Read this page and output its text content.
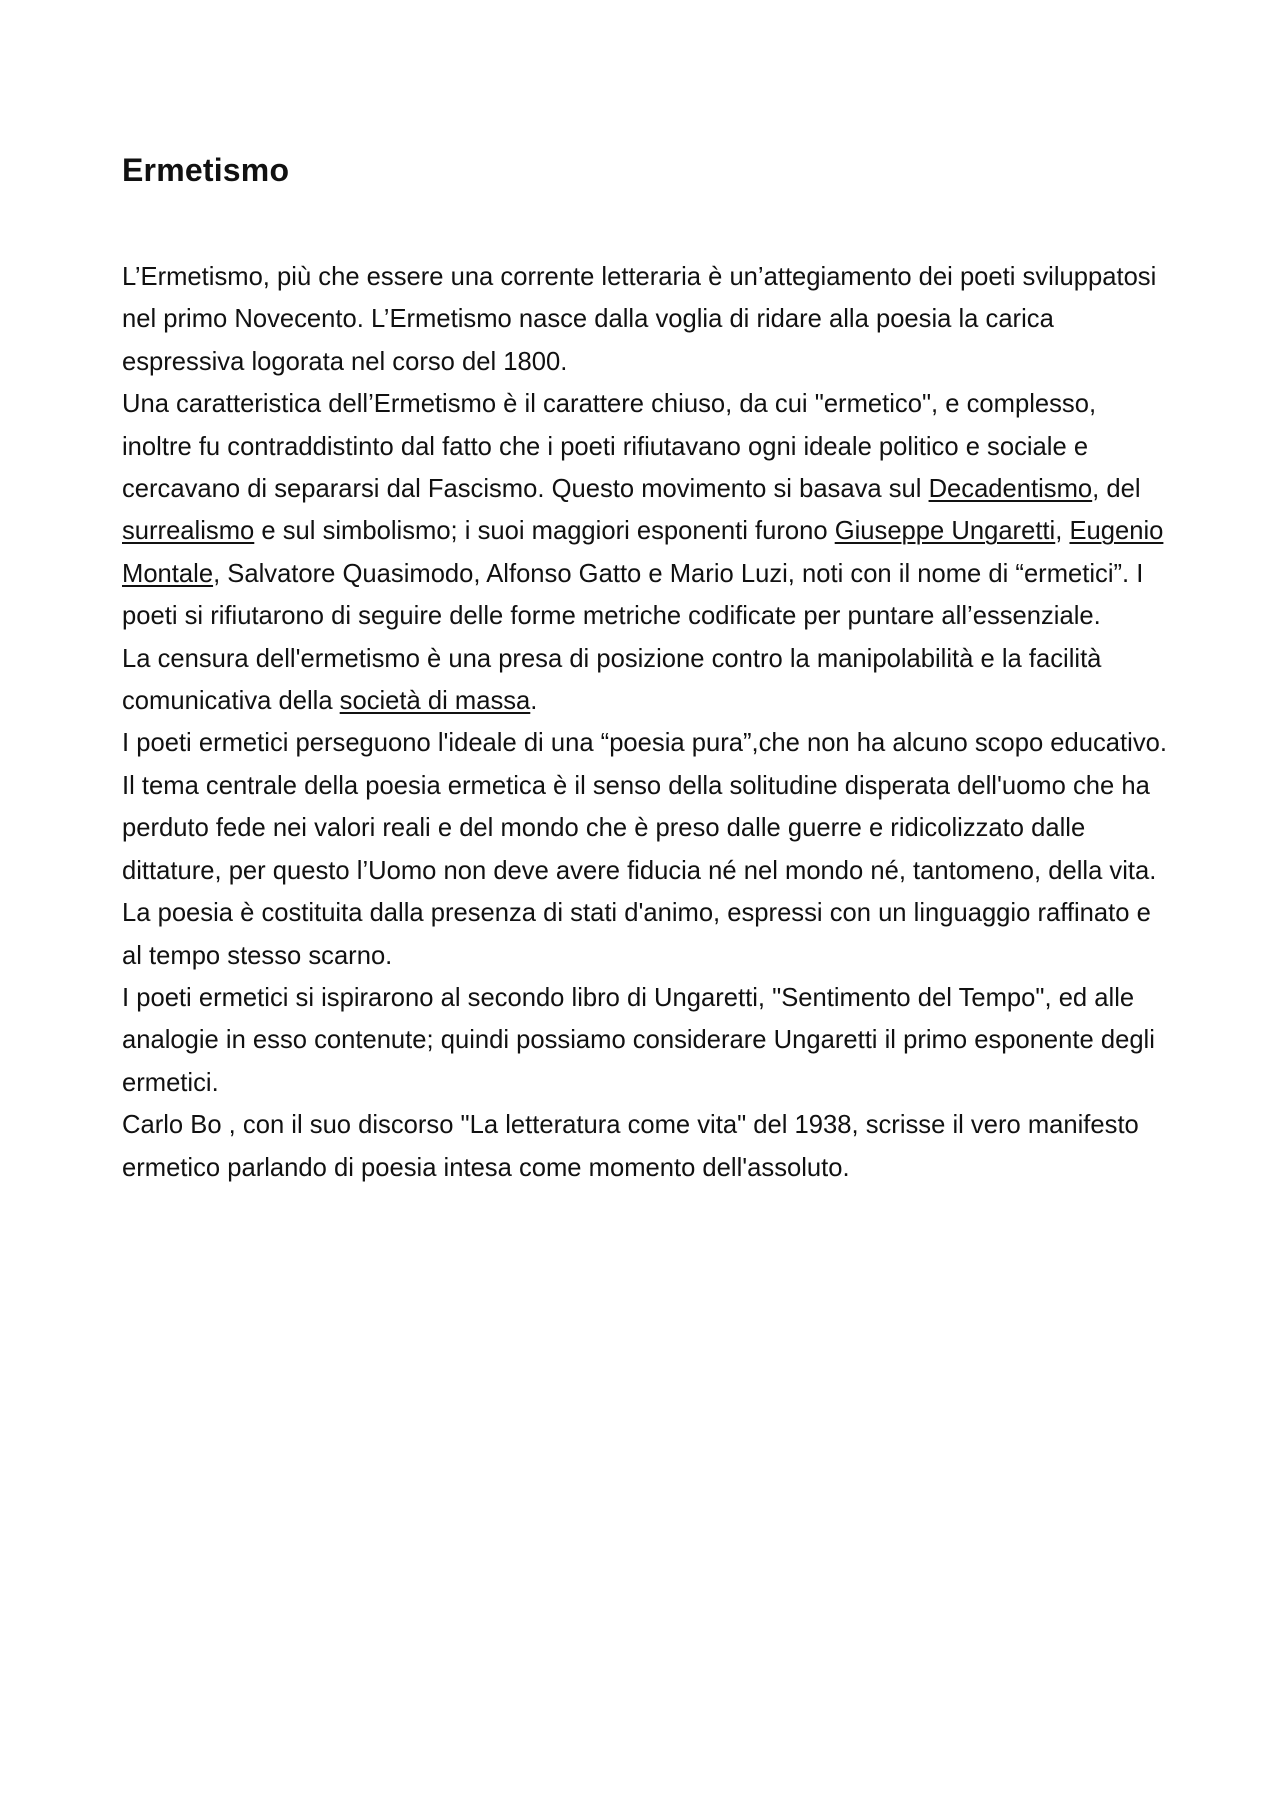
Ermetismo

L’Ermetismo, più che essere una corrente letteraria è un’attegiamento dei poeti sviluppatosi nel primo Novecento. L’Ermetismo nasce dalla voglia di ridare alla poesia la carica espressiva logorata nel corso del 1800.

Una caratteristica dell’Ermetismo è il carattere chiuso, da cui "ermetico", e complesso, inoltre fu contraddistinto dal fatto che i poeti rifiutavano ogni ideale politico e sociale e cercavano di separarsi dal Fascismo. Questo movimento si basava sul Decadentismo, del surrealismo e sul simbolismo; i suoi maggiori esponenti furono Giuseppe Ungaretti, Eugenio Montale, Salvatore Quasimodo, Alfonso Gatto e Mario Luzi, noti con il nome di “ermetici”. I poeti si rifiutarono di seguire delle forme metriche codificate per puntare all’essenziale.

La censura dell'ermetismo è una presa di posizione contro la manipolabilità e la facilità comunicativa della società di massa.

I poeti ermetici perseguono l'ideale di una “poesia pura”,che non ha alcuno scopo educativo. Il tema centrale della poesia ermetica è il senso della solitudine disperata dell'uomo che ha perduto fede nei valori reali e del mondo che è preso dalle guerre e ridicolizzato dalle dittature, per questo l’Uomo non deve avere fiducia né nel mondo né, tantomeno, della vita. La poesia è costituita dalla presenza di stati d'animo, espressi con un linguaggio raffinato e al tempo stesso scarno.

I poeti ermetici si ispirarono al secondo libro di Ungaretti, "Sentimento del Tempo", ed alle analogie in esso contenute; quindi possiamo considerare Ungaretti il primo esponente degli ermetici.

Carlo Bo , con il suo discorso "La letteratura come vita" del 1938, scrisse il vero manifesto ermetico parlando di poesia intesa come momento dell'assoluto.
